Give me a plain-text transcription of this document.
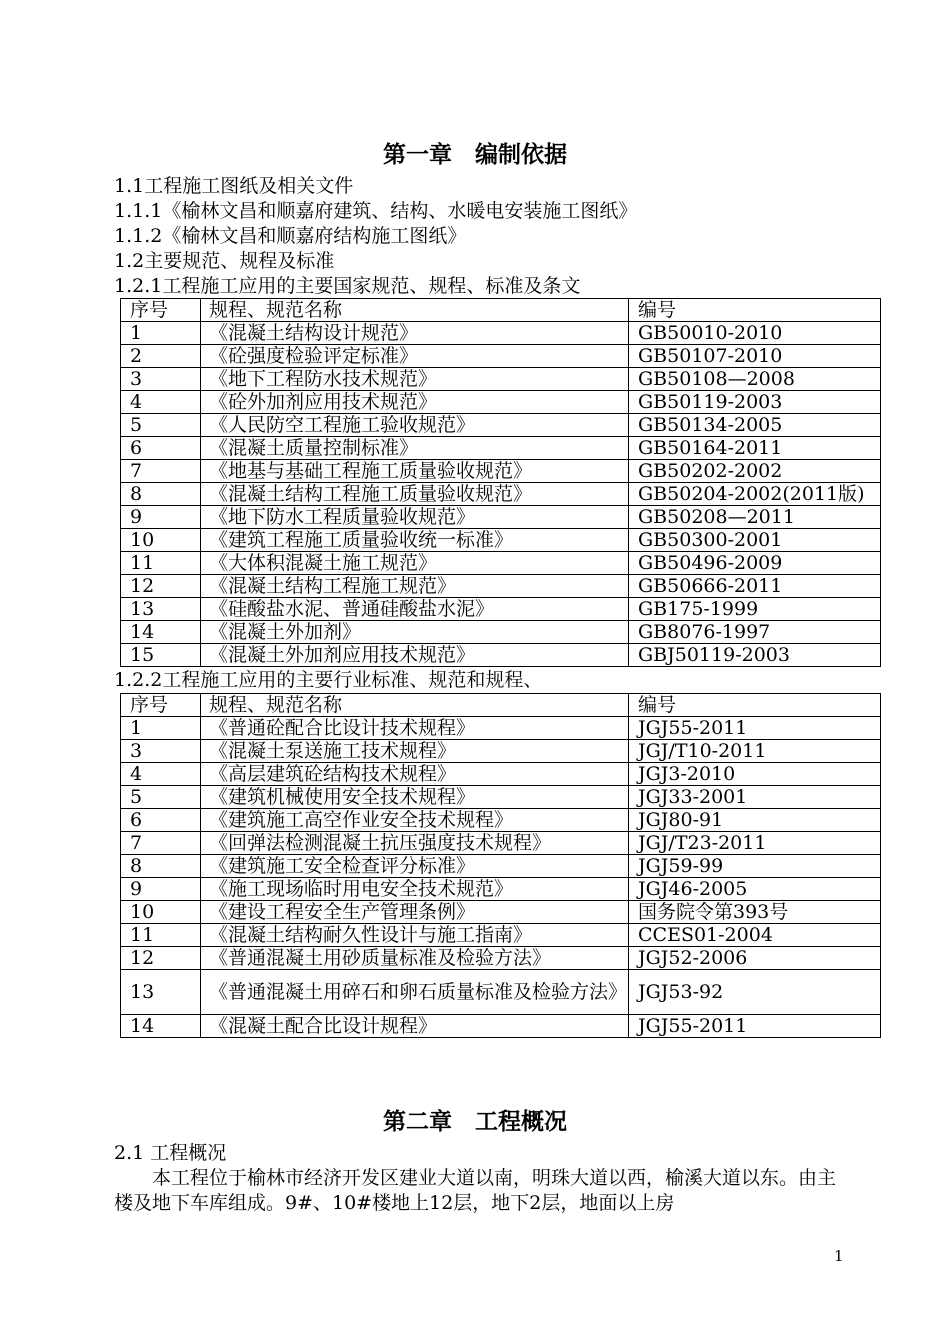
第一章　编制依据
1.1工程施工图纸及相关文件
1.1.1《榆林文昌和顺嘉府建筑、结构、水暖电安装施工图纸》
1.1.2《榆林文昌和顺嘉府结构施工图纸》
1.2主要规范、规程及标准
1.2.1工程施工应用的主要国家规范、规程、标准及条文
序号	规程、规范名称	编号
1	《混凝土结构设计规范》	GB50010-2010
2	《砼强度检验评定标准》	GB50107-2010
3	《地下工程防水技术规范》	GB50108—2008
4	《砼外加剂应用技术规范》	GB50119-2003
5	《人民防空工程施工验收规范》	GB50134-2005
6	《混凝土质量控制标准》	GB50164-2011
7	《地基与基础工程施工质量验收规范》	GB50202-2002
8	《混凝土结构工程施工质量验收规范》	GB50204-2002(2011版)
9	《地下防水工程质量验收规范》	GB50208—2011
10	《建筑工程施工质量验收统一标准》	GB50300-2001
11	《大体积混凝土施工规范》	GB50496-2009
12	《混凝土结构工程施工规范》	GB50666-2011
13	《硅酸盐水泥、普通硅酸盐水泥》	GB175-1999
14	《混凝土外加剂》	GB8076-1997
15	《混凝土外加剂应用技术规范》	GBJ50119-2003
1.2.2工程施工应用的主要行业标准、规范和规程、
序号	规程、规范名称	编号
1	《普通砼配合比设计技术规程》	JGJ55-2011
3	《混凝土泵送施工技术规程》	JGJ/T10-2011
4	《高层建筑砼结构技术规程》	JGJ3-2010
5	《建筑机械使用安全技术规程》	JGJ33-2001
6	《建筑施工高空作业安全技术规程》	JGJ80-91
7	《回弹法检测混凝土抗压强度技术规程》	JGJ/T23-2011
8	《建筑施工安全检查评分标准》	JGJ59-99
9	《施工现场临时用电安全技术规范》	JGJ46-2005
10	《建设工程安全生产管理条例》	国务院令第393号
11	《混凝土结构耐久性设计与施工指南》	CCES01-2004
12	《普通混凝土用砂质量标准及检验方法》	JGJ52-2006
13	《普通混凝土用碎石和卵石质量标准及检验方法》	JGJ53-92
14	《混凝土配合比设计规程》	JGJ55-2011
第二章　工程概况
2.1 工程概况
本工程位于榆林市经济开发区建业大道以南，明珠大道以西，榆溪大道以东。由主楼及地下车库组成。9#、10#楼地上12层，地下2层，地面以上房
1
